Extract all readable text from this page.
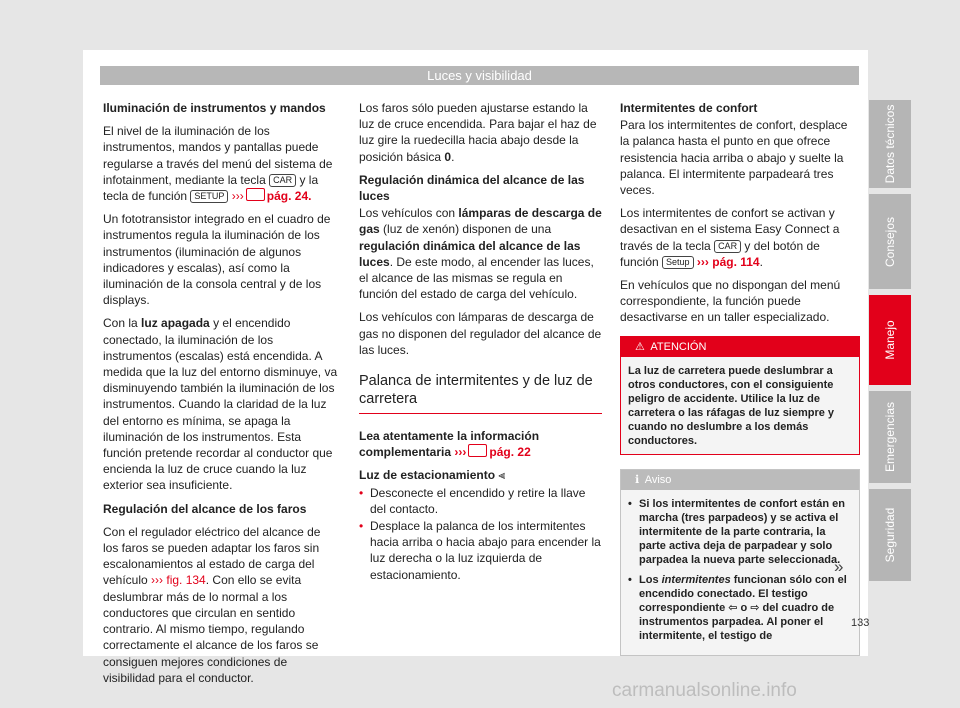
Luces y visibilidad

Iluminación de instrumentos y mandos

El nivel de la iluminación de los instrumentos, mandos y pantallas puede regularse a través del menú del sistema de infotainment, mediante la tecla CAR y la tecla de función SETUP ››› pág. 24.

Un fototransistor integrado en el cuadro de instrumentos regula la iluminación de los instrumentos (iluminación de algunos indicadores y escalas), así como la iluminación de la consola central y de los displays.

Con la luz apagada y el encendido conectado, la iluminación de los instrumentos (escalas) está encendida. A medida que la luz del entorno disminuye, va disminuyendo también la iluminación de los instrumentos. Cuando la claridad de la luz del entorno es mínima, se apaga la iluminación de los instrumentos. Esta función pretende recordar al conductor que encienda la luz de cruce cuando la luz exterior sea insuficiente.

Regulación del alcance de los faros

Con el regulador eléctrico del alcance de los faros se pueden adaptar los faros sin escalonamientos al estado de carga del vehículo ››› fig. 134. Con ello se evita deslumbrar más de lo normal a los conductores que circulan en sentido contrario. Al mismo tiempo, regulando correctamente el alcance de los faros se consiguen mejores condiciones de visibilidad para el conductor.

Los faros sólo pueden ajustarse estando la luz de cruce encendida. Para bajar el haz de luz gire la ruedecilla hacia abajo desde la posición básica 0.

Regulación dinámica del alcance de las luces

Los vehículos con lámparas de descarga de gas (luz de xenón) disponen de una regulación dinámica del alcance de las luces. De este modo, al encender las luces, el alcance de las mismas se regula en función del estado de carga del vehículo.

Los vehículos con lámparas de descarga de gas no disponen del regulador del alcance de las luces.

Palanca de intermitentes y de luz de carretera

Lea atentamente la información complementaria ››› pág. 22

Luz de estacionamiento ⫷

• Desconecte el encendido y retire la llave del contacto.

• Desplace la palanca de los intermitentes hacia arriba o hacia abajo para encender la luz derecha o la luz izquierda de estacionamiento.

Intermitentes de confort

Para los intermitentes de confort, desplace la palanca hasta el punto en que ofrece resistencia hacia arriba o abajo y suelte la palanca. El intermitente parpadeará tres veces.

Los intermitentes de confort se activan y desactivan en el sistema Easy Connect a través de la tecla CAR y del botón de función Setup ››› pág. 114.

En vehículos que no dispongan del menú correspondiente, la función puede desactivarse en un taller especializado.

⚠ ATENCIÓN
La luz de carretera puede deslumbrar a otros conductores, con el consiguiente peligro de accidente. Utilice la luz de carretera o las ráfagas de luz siempre y cuando no deslumbre a los demás conductores.
ℹ Aviso

• Si los intermitentes de confort están en marcha (tres parpadeos) y se activa el intermitente de la parte contraria, la parte activa deja de parpadear y solo parpadea la nueva parte seleccionada.

• Los intermitentes funcionan sólo con el encendido conectado. El testigo correspondiente ⇦ o ⇨ del cuadro de instrumentos parpadea. Al poner el intermitente, el testigo de

»
Datos técnicos
Consejos
Manejo
Emergencias
Seguridad
133
carmanualsonline.info
